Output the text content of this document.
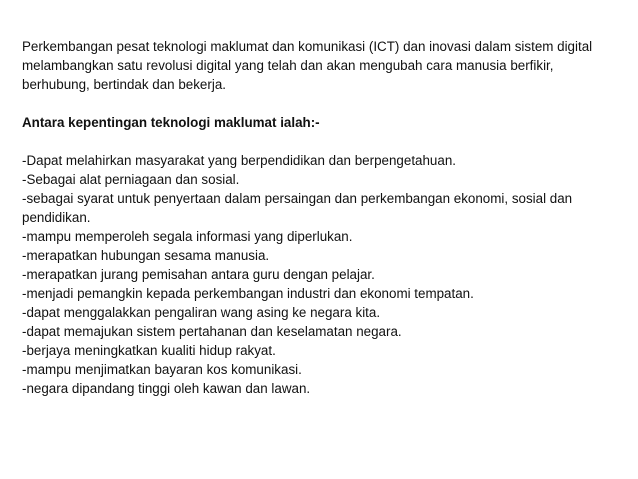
Perkembangan pesat teknologi maklumat dan komunikasi (ICT) dan inovasi dalam sistem digital melambangkan satu revolusi digital yang telah dan akan mengubah cara manusia berfikir, berhubung, bertindak dan bekerja.

Antara kepentingan teknologi maklumat ialah:-

-Dapat melahirkan masyarakat yang berpendidikan dan berpengetahuan.
-Sebagai alat perniagaan dan sosial.
-sebagai syarat untuk penyertaan dalam persaingan dan perkembangan ekonomi, sosial dan pendidikan.
-mampu memperoleh segala informasi yang diperlukan.
-merapatkan hubungan sesama manusia.
-merapatkan jurang pemisahan antara guru dengan pelajar.
-menjadi pemangkin kepada perkembangan industri dan ekonomi tempatan.
-dapat menggalakkan pengaliran wang asing ke negara kita.
-dapat memajukan sistem pertahanan dan keselamatan negara.
-berjaya meningkatkan kualiti hidup rakyat.
-mampu menjimatkan bayaran kos komunikasi.
-negara dipandang tinggi oleh kawan dan lawan.
